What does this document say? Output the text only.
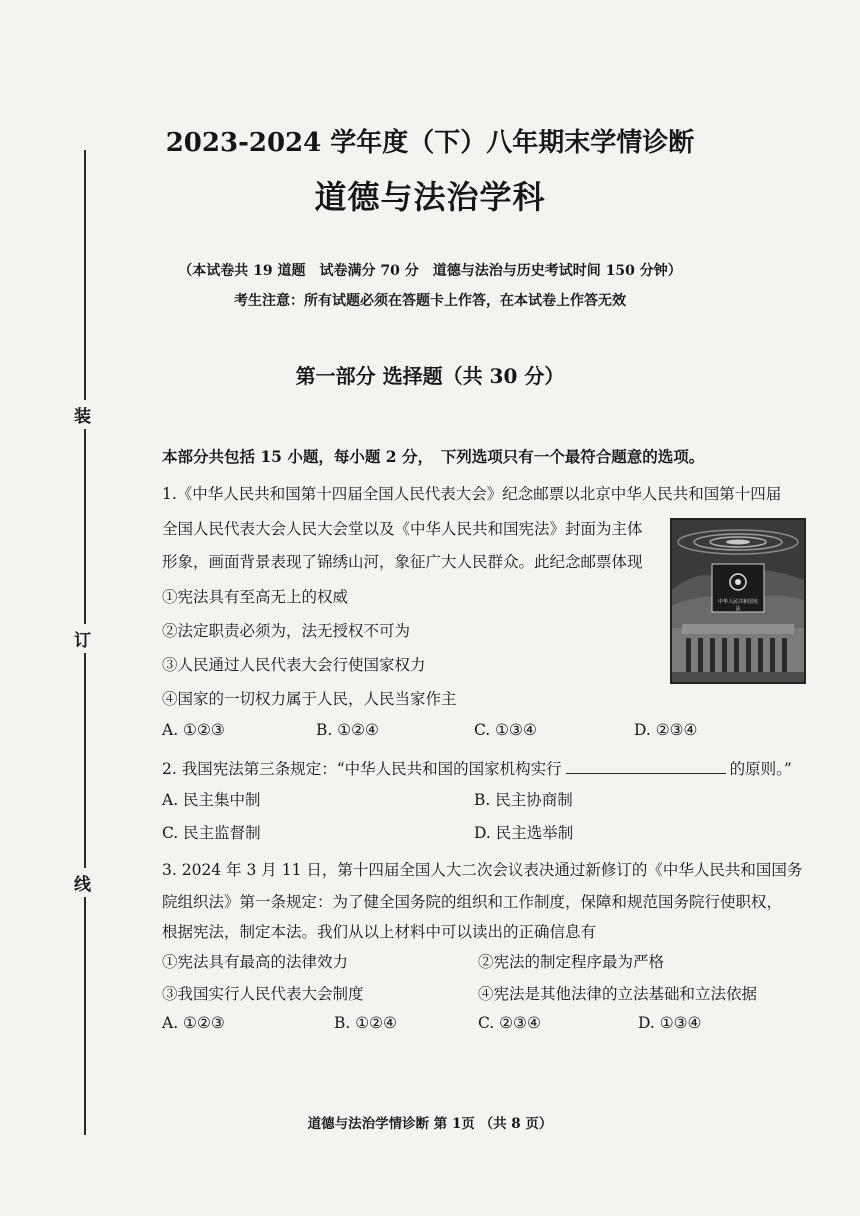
装
订
线
2023-2024 学年度（下）八年期末学情诊断
道德与法治学科
（本试卷共 19 道题　试卷满分 70 分　道德与法治与历史考试时间 150 分钟）
考生注意：所有试题必须在答题卡上作答，在本试卷上作答无效
第一部分 选择题（共 30 分）
本部分共包括 15 小题，每小题 2 分，　下列选项只有一个最符合题意的选项。
1.《中华人民共和国第十四届全国人民代表大会》纪念邮票以北京中华人民共和国第十四届
全国人民代表大会人民大会堂以及《中华人民共和国宪法》封面为主体
形象，画面背景表现了锦绣山河，象征广大人民群众。此纪念邮票体现
①宪法具有至高无上的权威
②法定职责必须为，法无授权不可为
③人民通过人民代表大会行使国家权力
④国家的一切权力属于人民，人民当家作主
A. ①②③	B. ①②④	C. ①③④	D. ②③④
中华人民共和国宪法
2. 我国宪法第三条规定：“中华人民共和国的国家机构实行	的原则。”
A. 民主集中制	B. 民主协商制
C. 民主监督制	D. 民主选举制
3. 2024 年 3 月 11 日，第十四届全国人大二次会议表决通过新修订的《中华人民共和国国务
院组织法》第一条规定：为了健全国务院的组织和工作制度，保障和规范国务院行使职权，
根据宪法，制定本法。我们从以上材料中可以读出的正确信息有
①宪法具有最高的法律效力	②宪法的制定程序最为严格
③我国实行人民代表大会制度	④宪法是其他法律的立法基础和立法依据
A. ①②③	B. ①②④	C. ②③④	D. ①③④
道德与法治学情诊断 第 1页 （共 8 页）
